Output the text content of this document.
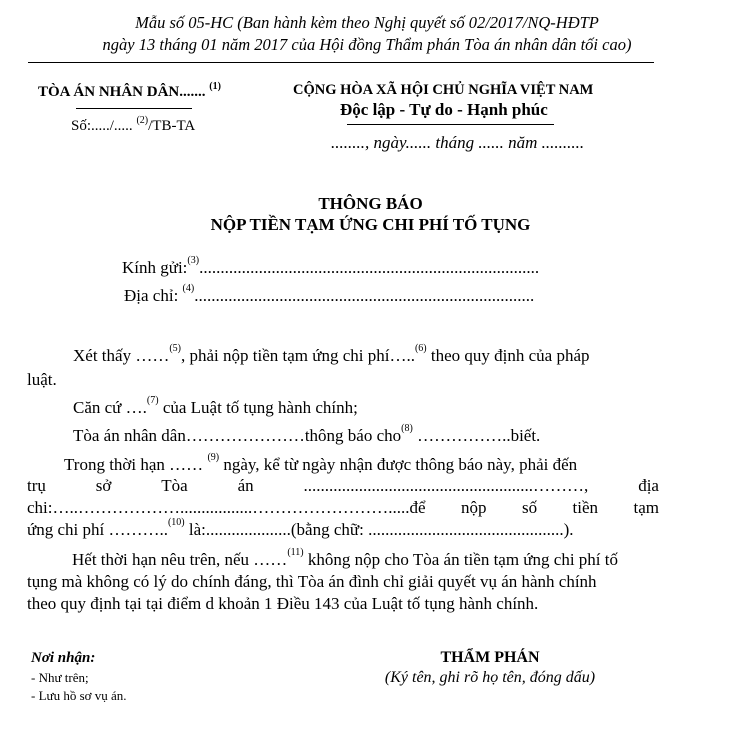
Mẫu số 05-HC (Ban hành kèm theo Nghị quyết số 02/2017/NQ-HĐTP
ngày 13 tháng 01 năm 2017 của Hội đồng Thẩm phán Tòa án nhân dân tối cao)
TÒA ÁN NHÂN DÂN....... $^{(1)}$
Số:...../..... $^{(2)}$/TB-TA
CỘNG HÒA XÃ HỘI CHỦ NGHĨA VIỆT NAM
Độc lập - Tự do - Hạnh phúc
........, ngày...... tháng ...... năm ..........
THÔNG BÁO
NỘP TIỀN TẠM ỨNG CHI PHÍ TỐ TỤNG
Kính gửi:$^{(3)}$................................................................................
Địa chỉ: $^{(4)}$................................................................................
Xét thấy ……$^{(5)}$, phải nộp tiền tạm ứng chi phí…..$^{(6)}$ theo quy định của pháp
luật.
Căn cứ ….$^{(7)}$ của Luật tố tụng hành chính;
Tòa án nhân dân…………………thông báo cho$^{(8)}$ ……………..biết.
Trong thời hạn …… $^{(9)}$ ngày, kể từ ngày nhận được thông báo này, phải đến
trụ	sở	Tòa	án	......................................................………,	địa
chi:…..……………….................…………………….....để nộp số tiền tạm
ứng chi phí ………..$^{(10)}$ là:....................(bằng chữ: ..............................................).
Hết thời hạn nêu trên, nếu ……$^{(11)}$ không nộp cho Tòa án tiền tạm ứng chi phí tố
tụng mà không có lý do chính đáng, thì Tòa án đình chỉ giải quyết vụ án hành chính
theo quy định tại tại điểm d khoản 1 Điều 143 của Luật tố tụng hành chính.
Nơi nhận:
- Như trên;
- Lưu hồ sơ vụ án.
THẨM PHÁN
(Ký tên, ghi rõ họ tên, đóng dấu)
